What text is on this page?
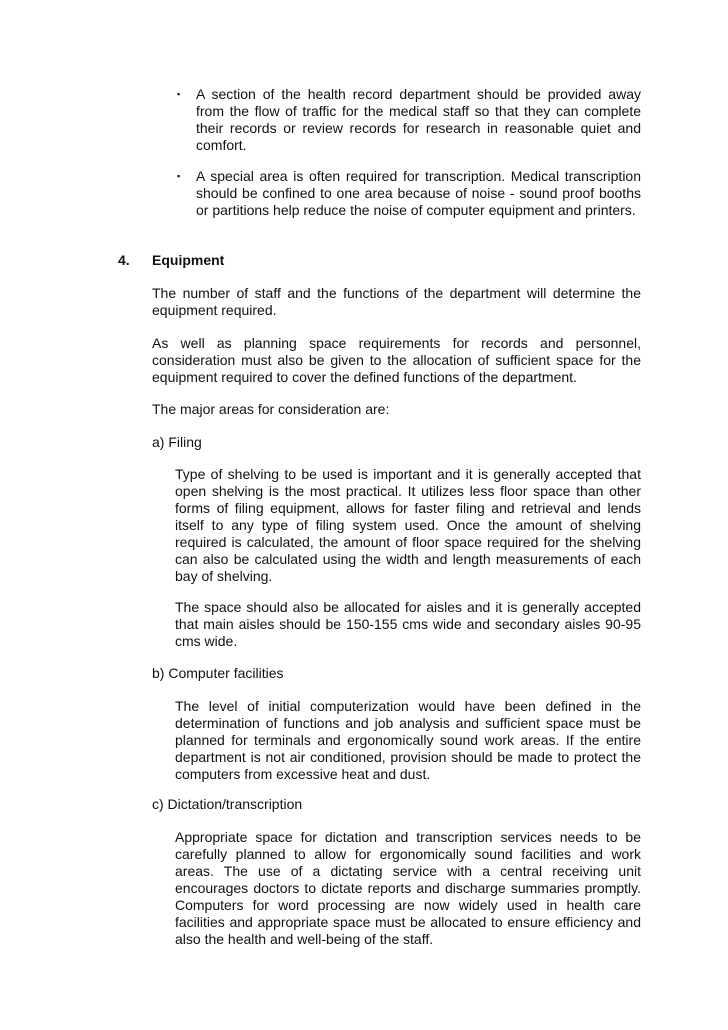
▪ A section of the health record department should be provided away from the flow of traffic for the medical staff so that they can complete their records or review records for research in reasonable quiet and comfort.
▪ A special area is often required for transcription. Medical transcription should be confined to one area because of noise - sound proof booths or partitions help reduce the noise of computer equipment and printers.
4. Equipment

The number of staff and the functions of the department will determine the equipment required.

As well as planning space requirements for records and personnel, consideration must also be given to the allocation of sufficient space for the equipment required to cover the defined functions of the department.

The major areas for consideration are:

a) Filing

Type of shelving to be used is important and it is generally accepted that open shelving is the most practical. It utilizes less floor space than other forms of filing equipment, allows for faster filing and retrieval and lends itself to any type of filing system used. Once the amount of shelving required is calculated, the amount of floor space required for the shelving can also be calculated using the width and length measurements of each bay of shelving.

The space should also be allocated for aisles and it is generally accepted that main aisles should be 150-155 cms wide and secondary aisles 90-95 cms wide.

b) Computer facilities

The level of initial computerization would have been defined in the determination of functions and job analysis and sufficient space must be planned for terminals and ergonomically sound work areas. If the entire department is not air conditioned, provision should be made to protect the computers from excessive heat and dust.

c) Dictation/transcription

Appropriate space for dictation and transcription services needs to be carefully planned to allow for ergonomically sound facilities and work areas. The use of a dictating service with a central receiving unit encourages doctors to dictate reports and discharge summaries promptly. Computers for word processing are now widely used in health care facilities and appropriate space must be allocated to ensure efficiency and also the health and well-being of the staff.
